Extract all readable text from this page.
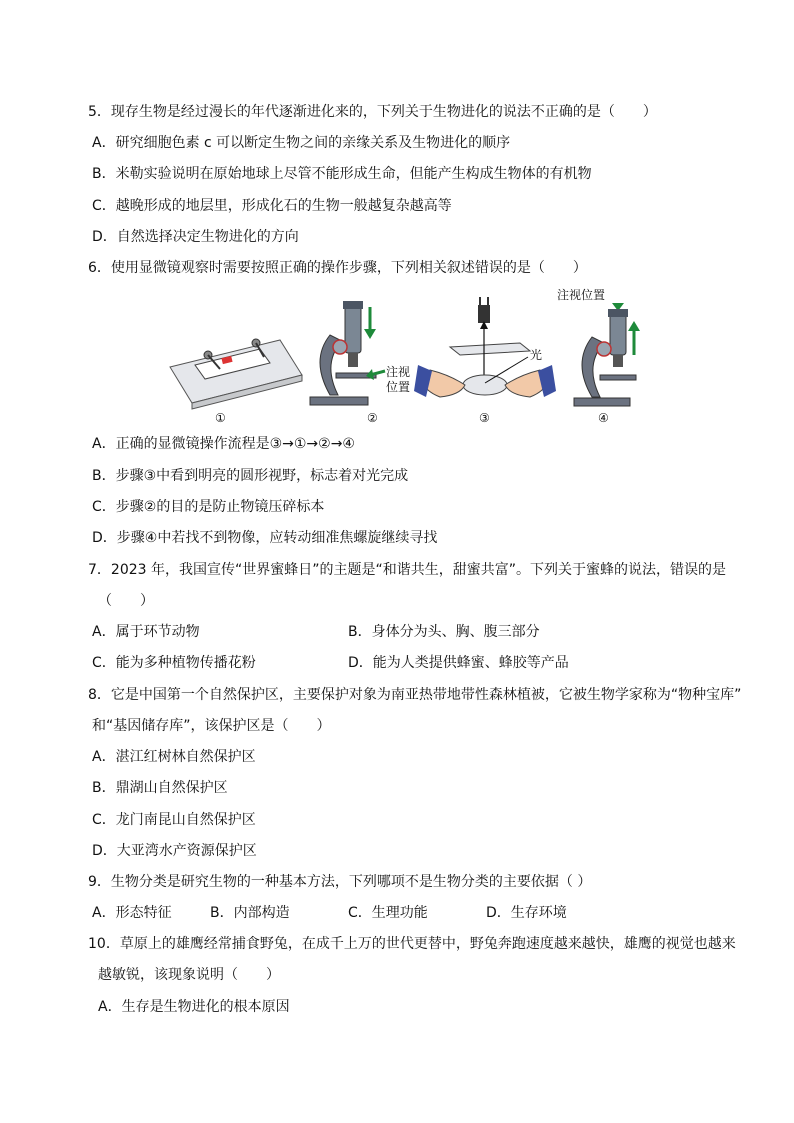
5．现存生物是经过漫长的年代逐渐进化来的，下列关于生物进化的说法不正确的是（　　）
A．研究细胞色素 c 可以断定生物之间的亲缘关系及生物进化的顺序
B．米勒实验说明在原始地球上尽管不能形成生命，但能产生构成生物体的有机物
C．越晚形成的地层里，形成化石的生物一般越复杂越高等
D．自然选择决定生物进化的方向
6．使用显微镜观察时需要按照正确的操作步骤，下列相关叙述错误的是（　　）
①
注视
位置
②
光
③
注视位置
④
A．正确的显微镜操作流程是③→①→②→④
B．步骤③中看到明亮的圆形视野，标志着对光完成
C．步骤②的目的是防止物镜压碎标本
D．步骤④中若找不到物像，应转动细准焦螺旋继续寻找
7．2023 年，我国宣传“世界蜜蜂日”的主题是“和谐共生，甜蜜共富”。下列关于蜜蜂的说法，错误的是
（　　）
A．属于环节动物	B．身体分为头、胸、腹三部分
C．能为多种植物传播花粉	D．能为人类提供蜂蜜、蜂胶等产品
8．它是中国第一个自然保护区，主要保护对象为南亚热带地带性森林植被，它被生物学家称为“物种宝库”
和“基因储存库”，该保护区是（　　）
A．湛江红树林自然保护区
B．鼎湖山自然保护区
C．龙门南昆山自然保护区
D．大亚湾水产资源保护区
9．生物分类是研究生物的一种基本方法，下列哪项不是生物分类的主要依据（ ）
A．形态特征	B．内部构造	C．生理功能	D．生存环境
10．草原上的雄鹰经常捕食野兔，在成千上万的世代更替中，野兔奔跑速度越来越快，雄鹰的视觉也越来
越敏锐，该现象说明（　　）
A．生存是生物进化的根本原因
